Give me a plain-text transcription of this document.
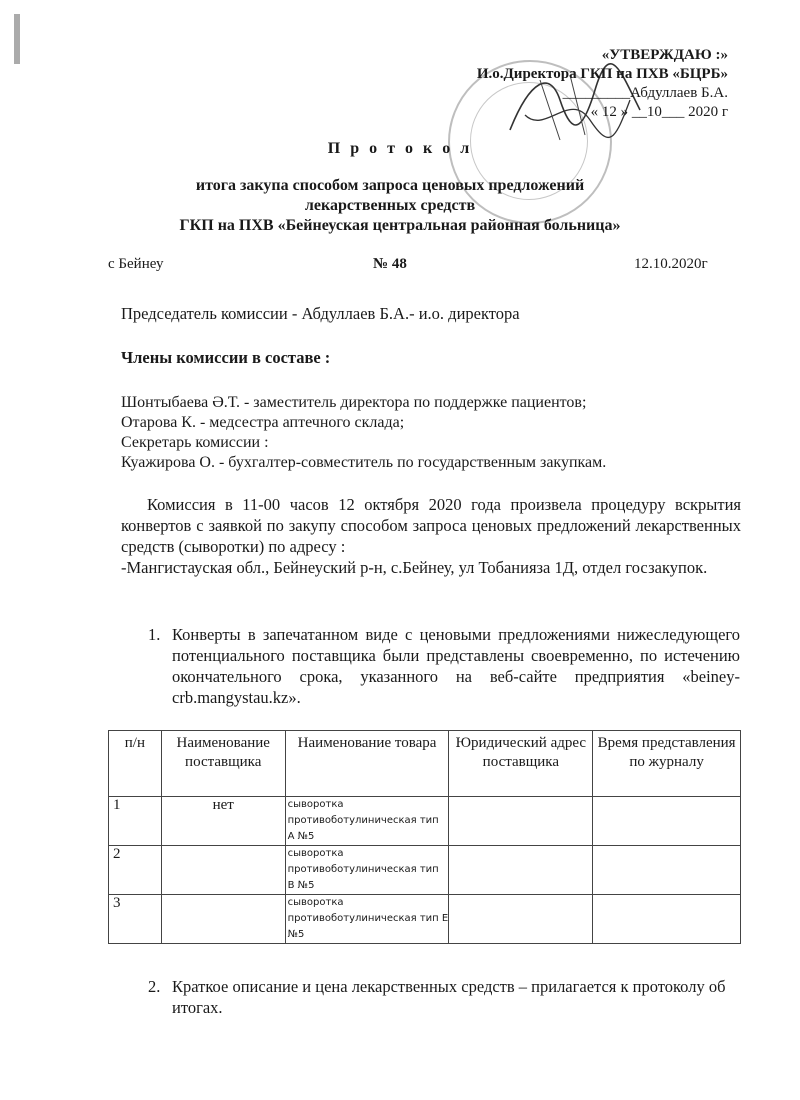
«УТВЕРЖДАЮ :»
И.о.Директора ГКП на ПХВ «БЦРБ»
_________Абдуллаев Б.А.
« 12 » __10___ 2020 г
П р о т о к о л
итога закупа способом запроса ценовых предложений
лекарственных средств
ГКП на ПХВ «Бейнеуская центральная районная больница»
с Бейнеу	№ 48	12.10.2020г
Председатель комиссии - Абдуллаев Б.А.- и.о. директора
Члены комиссии в составе :
Шонтыбаева Ә.Т. - заместитель директора по поддержке пациентов;
Отарова К. - медсестра аптечного склада;
Секретарь комиссии :
Куажирова О. - бухгалтер-совместитель по государственным закупкам.

Комиссия в 11-00 часов 12 октября 2020 года произвела процедуру вскрытия конвертов с заявкой по закупу способом запроса ценовых предложений лекарственных средств (сыворотки) по адресу :

-Мангистауская обл., Бейнеуский р-н, с.Бейнеу, ул Тобанияза 1Д, отдел госзакупок.

1. Конверты в запечатанном виде с ценовыми предложениями нижеследующего потенциального поставщика были представлены своевременно, по истечению окончательного срока, указанного на веб-сайте предприятия «beiney-crb.mangystau.kz».
п/н	Наименование поставщика	Наименование товара	Юридический адрес поставщика	Время представления по журналу
1	нет	сыворотка противоботулиническая тип А №5		
2		сыворотка противоботулиническая тип В №5		
3		сыворотка противоботулиническая тип Е №5		
2. Краткое описание и цена лекарственных средств – прилагается к протоколу об итогах.
